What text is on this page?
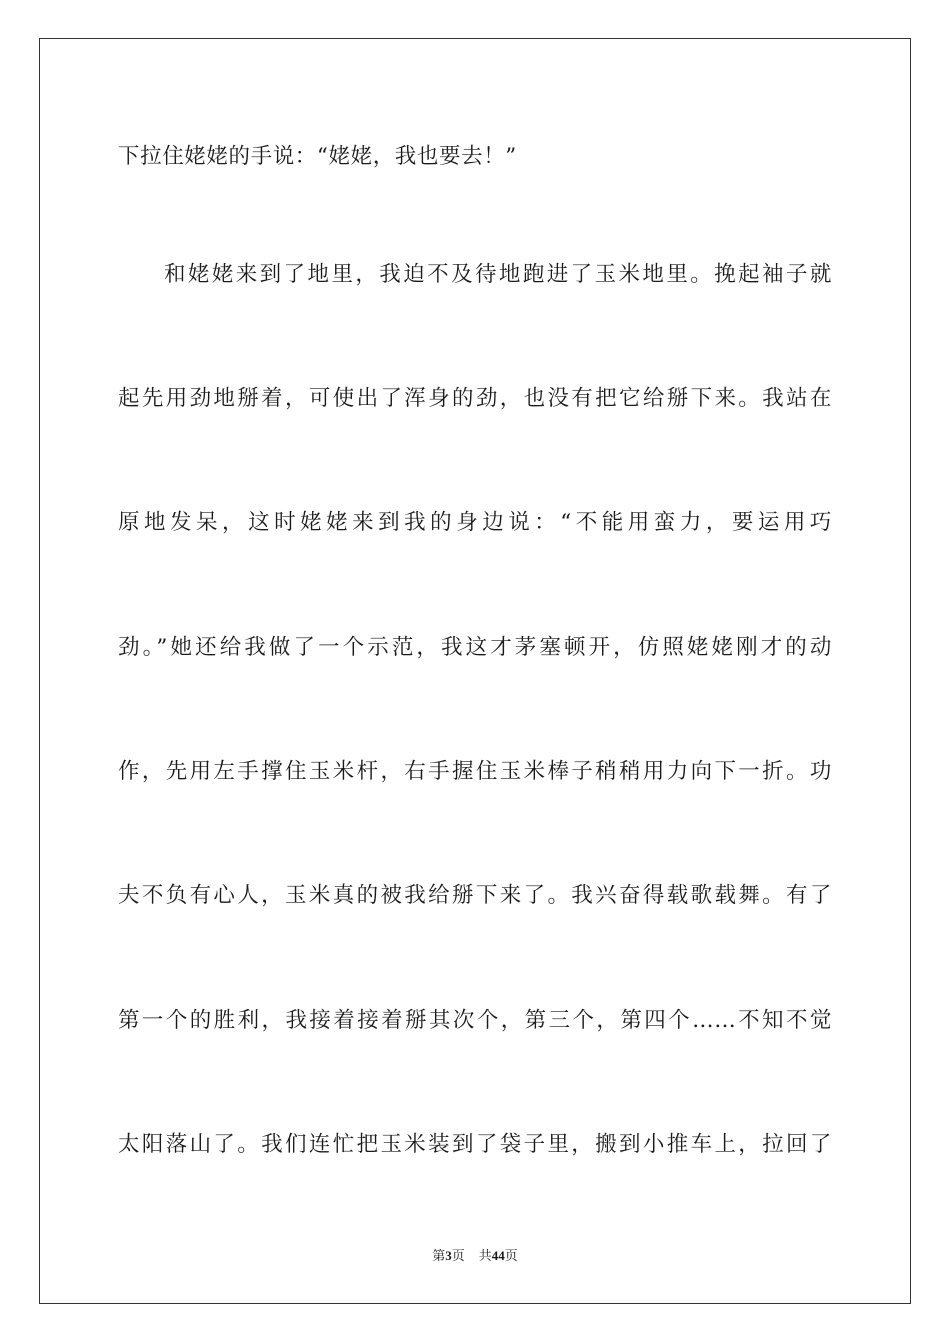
下拉住姥姥的手说：“姥姥，我也要去！”
和姥姥来到了地里，我迫不及待地跑进了玉米地里。挽起袖子就
起先用劲地掰着，可使出了浑身的劲，也没有把它给掰下来。我站在
原地发呆，这时姥姥来到我的身边说：“不能用蛮力，要运用巧
劲。”她还给我做了一个示范，我这才茅塞顿开，仿照姥姥刚才的动
作，先用左手撑住玉米杆，右手握住玉米棒子稍稍用力向下一折。功
夫不负有心人，玉米真的被我给掰下来了。我兴奋得载歌载舞。有了
第一个的胜利，我接着接着掰其次个，第三个，第四个……不知不觉
太阳落山了。我们连忙把玉米装到了袋子里，搬到小推车上，拉回了
第3页 共44页
